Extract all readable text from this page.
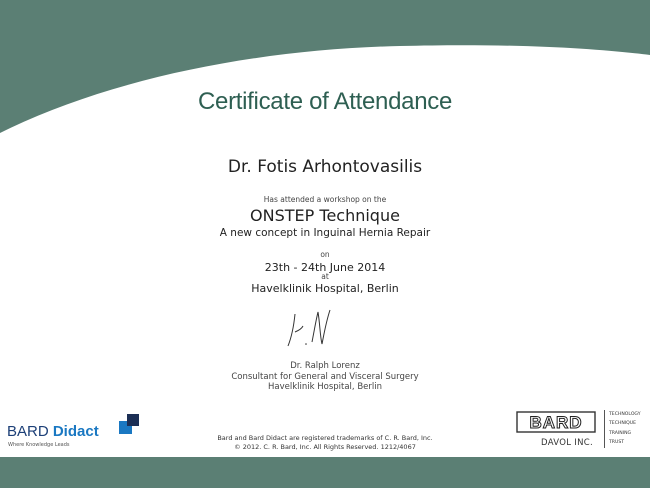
Certificate of Attendance
Dr. Fotis Arhontovasilis
Has attended a workshop on the
ONSTEP Technique
A new concept in Inguinal Hernia Repair
on
23th - 24th June 2014
at
Havelklinik Hospital, Berlin
Dr. Ralph Lorenz
Consultant for General and Visceral Surgery
Havelklinik Hospital, Berlin
Bard and Bard Didact are registered trademarks of C. R. Bard, Inc.
© 2012. C. R. Bard, Inc. All Rights Reserved. 1212/4067
BARD Didact
Where Knowledge Leads
BARD
DAVOL INC.
TECHNOLOGY
TECHNIQUE
TRAINING
TRUST
